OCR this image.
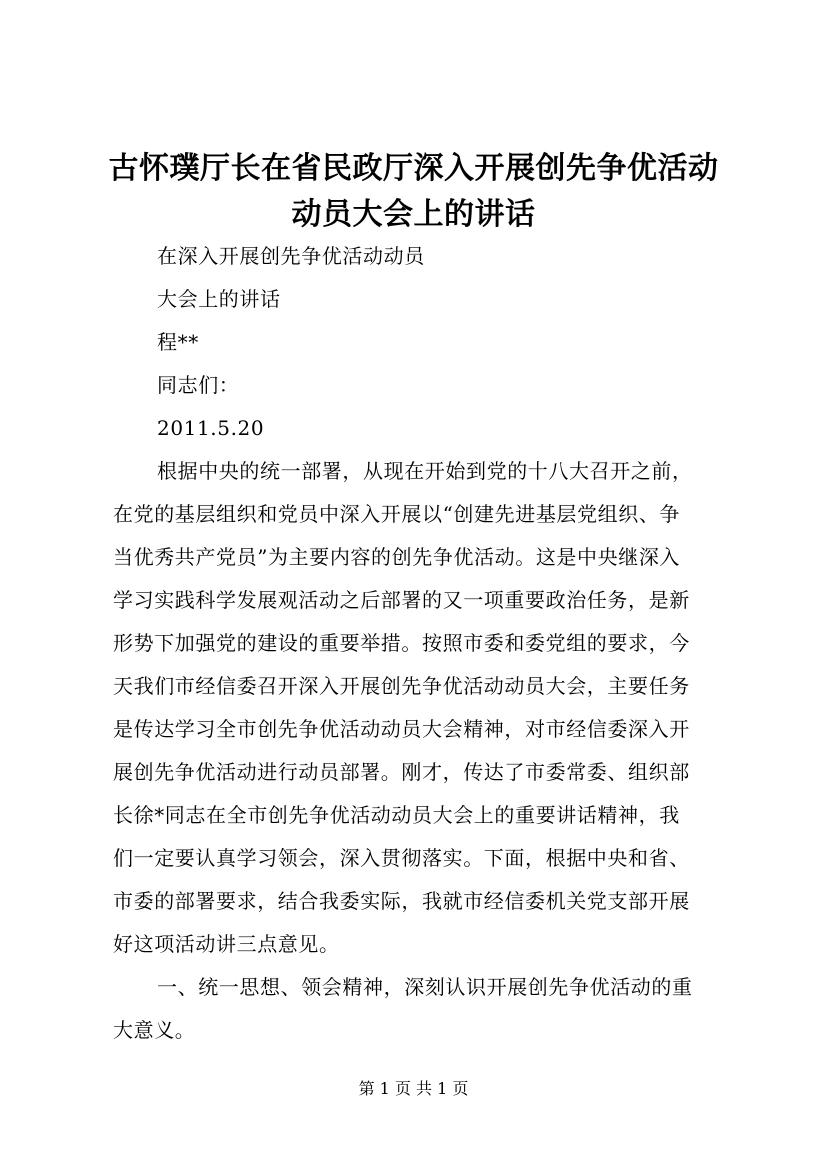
古怀璞厅长在省民政厅深入开展创先争优活动
动员大会上的讲话
在深入开展创先争优活动动员
大会上的讲话
程**
同志们：
2011.5.20
根据中央的统一部署，从现在开始到党的十八大召开之前，
在党的基层组织和党员中深入开展以“创建先进基层党组织、争
当优秀共产党员”为主要内容的创先争优活动。这是中央继深入
学习实践科学发展观活动之后部署的又一项重要政治任务，是新
形势下加强党的建设的重要举措。按照市委和委党组的要求，今
天我们市经信委召开深入开展创先争优活动动员大会，主要任务
是传达学习全市创先争优活动动员大会精神，对市经信委深入开
展创先争优活动进行动员部署。刚才，传达了市委常委、组织部
长徐*同志在全市创先争优活动动员大会上的重要讲话精神，我
们一定要认真学习领会，深入贯彻落实。下面，根据中央和省、
市委的部署要求，结合我委实际，我就市经信委机关党支部开展
好这项活动讲三点意见。
一、统一思想、领会精神，深刻认识开展创先争优活动的重
大意义。
第 1 页 共 1 页
